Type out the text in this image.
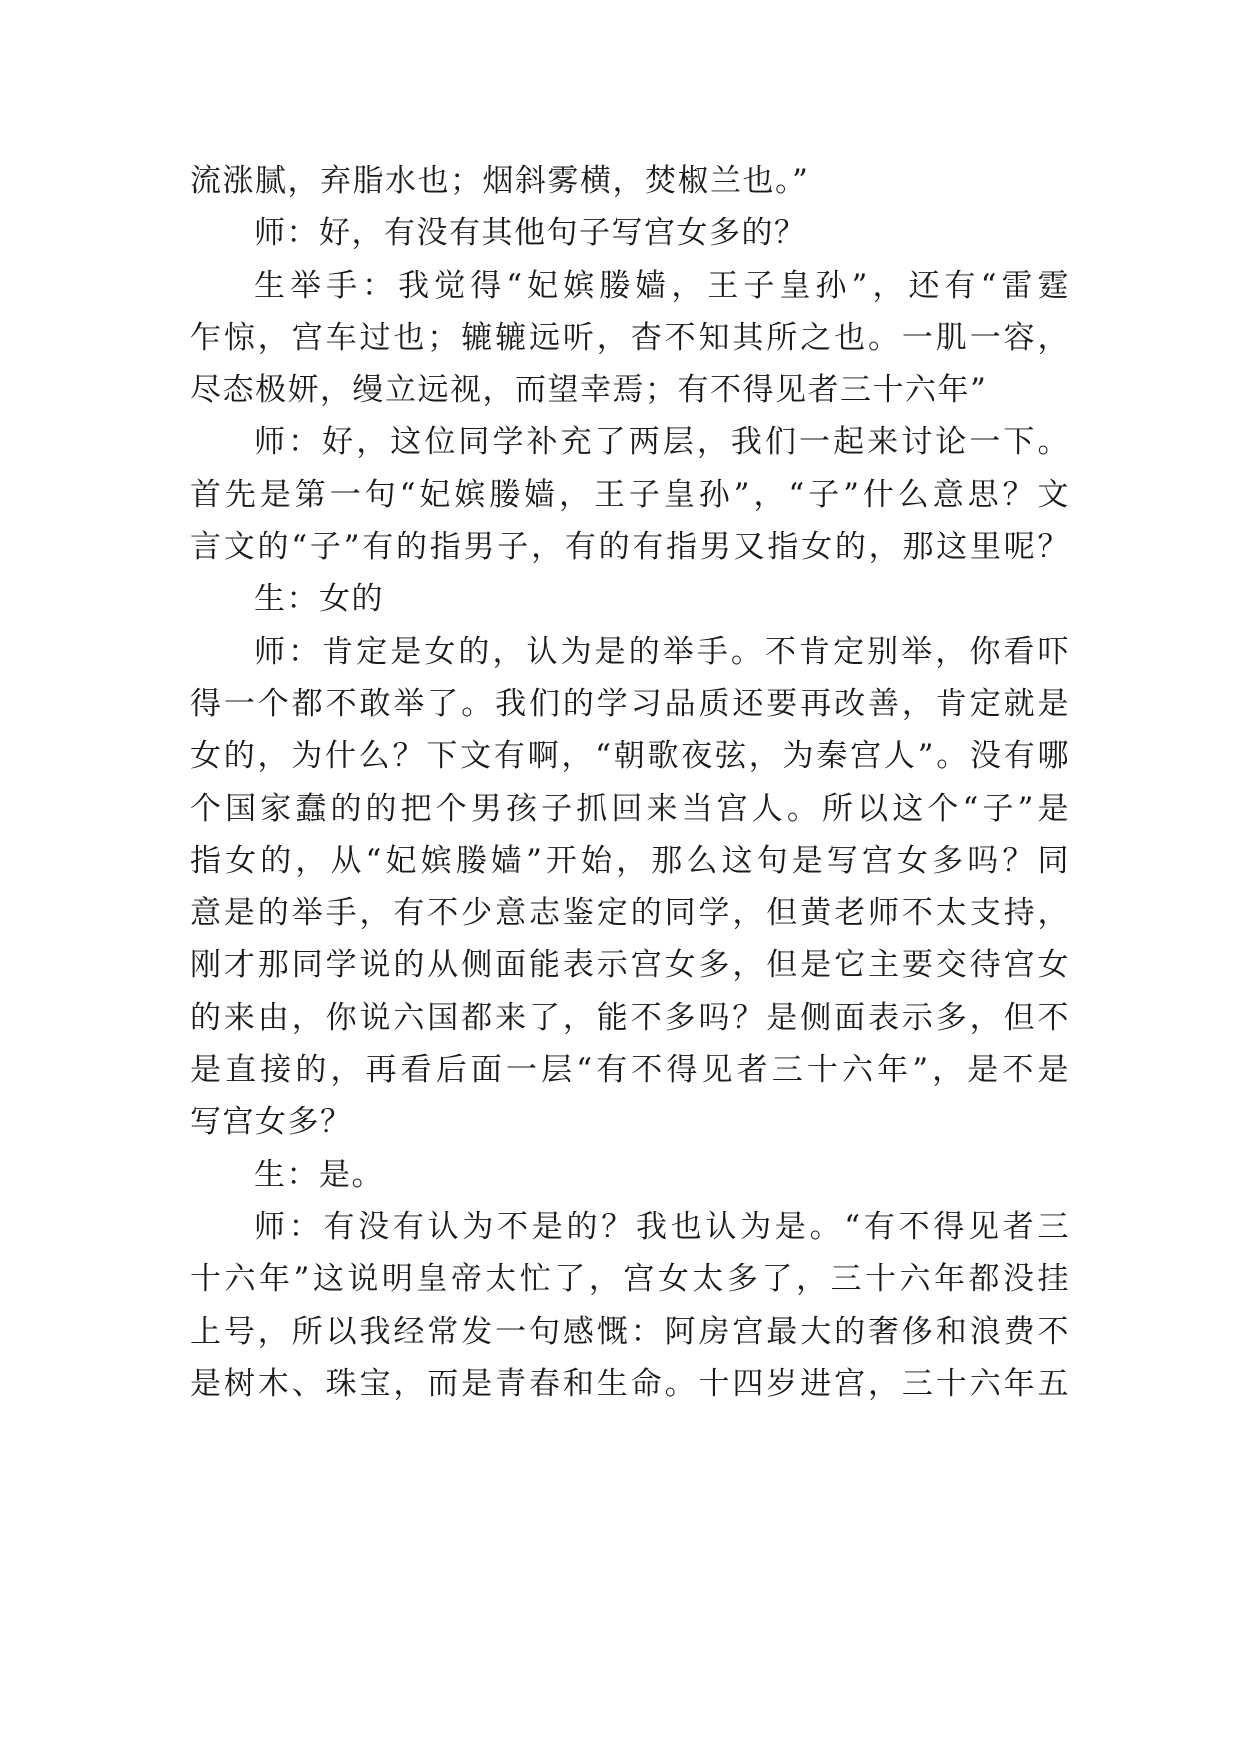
流涨腻，弃脂水也；烟斜雾横，焚椒兰也。”
师：好，有没有其他句子写宫女多的？
生举手：我觉得“妃嫔媵嫱，王子皇孙”，还有“雷霆
乍惊，宫车过也；辘辘远听，杳不知其所之也。一肌一容，
尽态极妍，缦立远视，而望幸焉；有不得见者三十六年”
师：好，这位同学补充了两层，我们一起来讨论一下。
首先是第一句“妃嫔媵嫱，王子皇孙”，“子”什么意思？文
言文的“子”有的指男子，有的有指男又指女的，那这里呢？
生：女的
师：肯定是女的，认为是的举手。不肯定别举，你看吓
得一个都不敢举了。我们的学习品质还要再改善，肯定就是
女的，为什么？下文有啊，“朝歌夜弦，为秦宫人”。没有哪
个国家蠢的的把个男孩子抓回来当宫人。所以这个“子”是
指女的，从“妃嫔媵嫱”开始，那么这句是写宫女多吗？同
意是的举手，有不少意志鉴定的同学，但黄老师不太支持，
刚才那同学说的从侧面能表示宫女多，但是它主要交待宫女
的来由，你说六国都来了，能不多吗？是侧面表示多，但不
是直接的，再看后面一层“有不得见者三十六年”，是不是
写宫女多？
生：是。
师：有没有认为不是的？我也认为是。“有不得见者三
十六年”这说明皇帝太忙了，宫女太多了，三十六年都没挂
上号，所以我经常发一句感慨：阿房宫最大的奢侈和浪费不
是树木、珠宝，而是青春和生命。十四岁进宫，三十六年五
